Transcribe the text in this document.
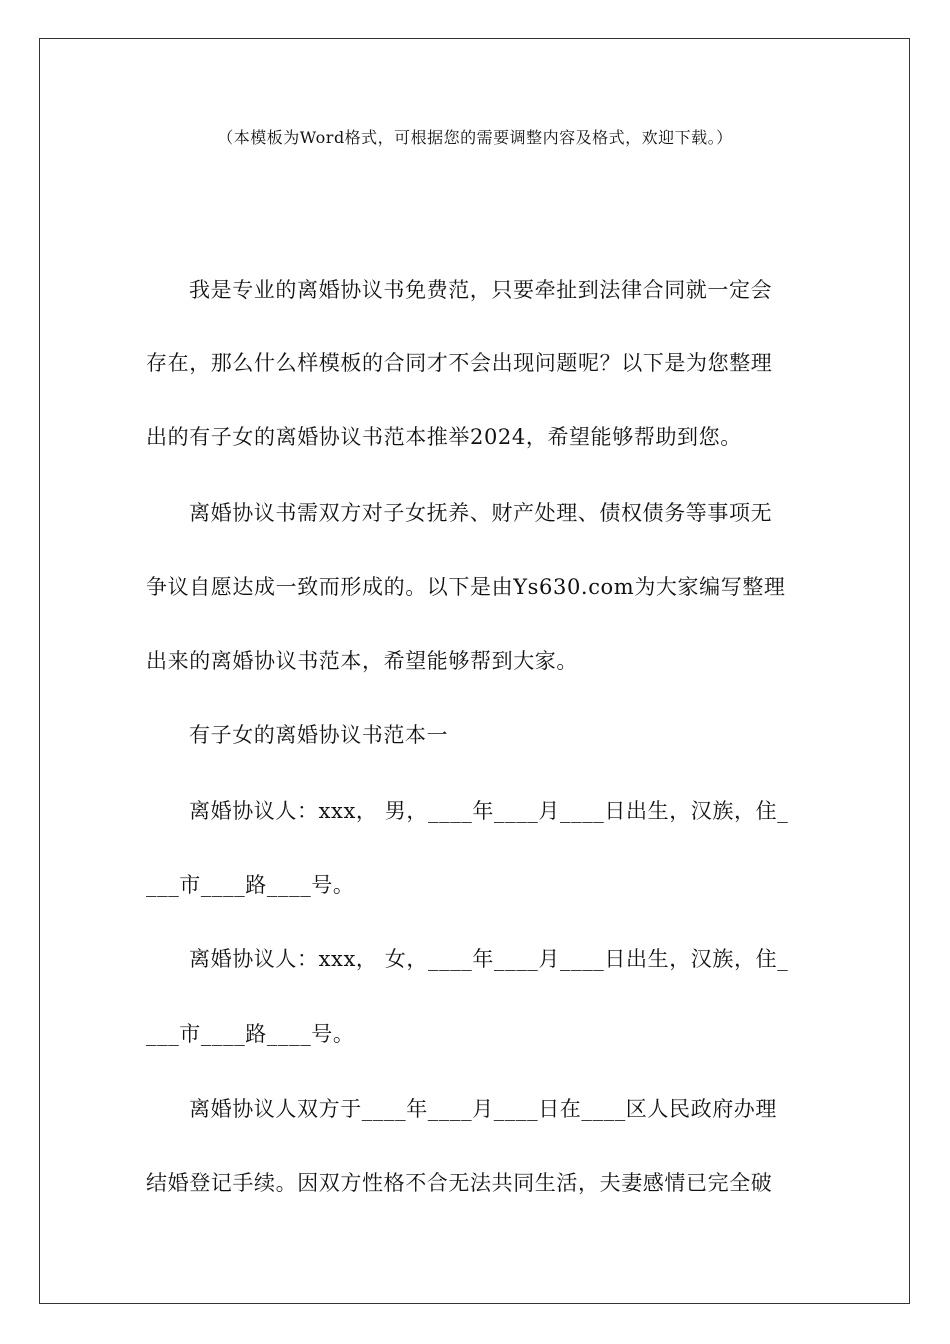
（本模板为Word格式，可根据您的需要调整内容及格式，欢迎下载。）
我是专业的离婚协议书免费范，只要牵扯到法律合同就一定会
存在，那么什么样模板的合同才不会出现问题呢？以下是为您整理
出的有子女的离婚协议书范本推举2024，希望能够帮助到您。
离婚协议书需双方对子女抚养、财产处理、债权债务等事项无
争议自愿达成一致而形成的。以下是由Ys630.com为大家编写整理
出来的离婚协议书范本，希望能够帮到大家。
有子女的离婚协议书范本一
离婚协议人：xxx， 男，____年____月____日出生，汉族，住_
___市____路____号。
离婚协议人：xxx， 女，____年____月____日出生，汉族，住_
___市____路____号。
离婚协议人双方于____年____月____日在____区人民政府办理
结婚登记手续。因双方性格不合无法共同生活，夫妻感情已完全破
